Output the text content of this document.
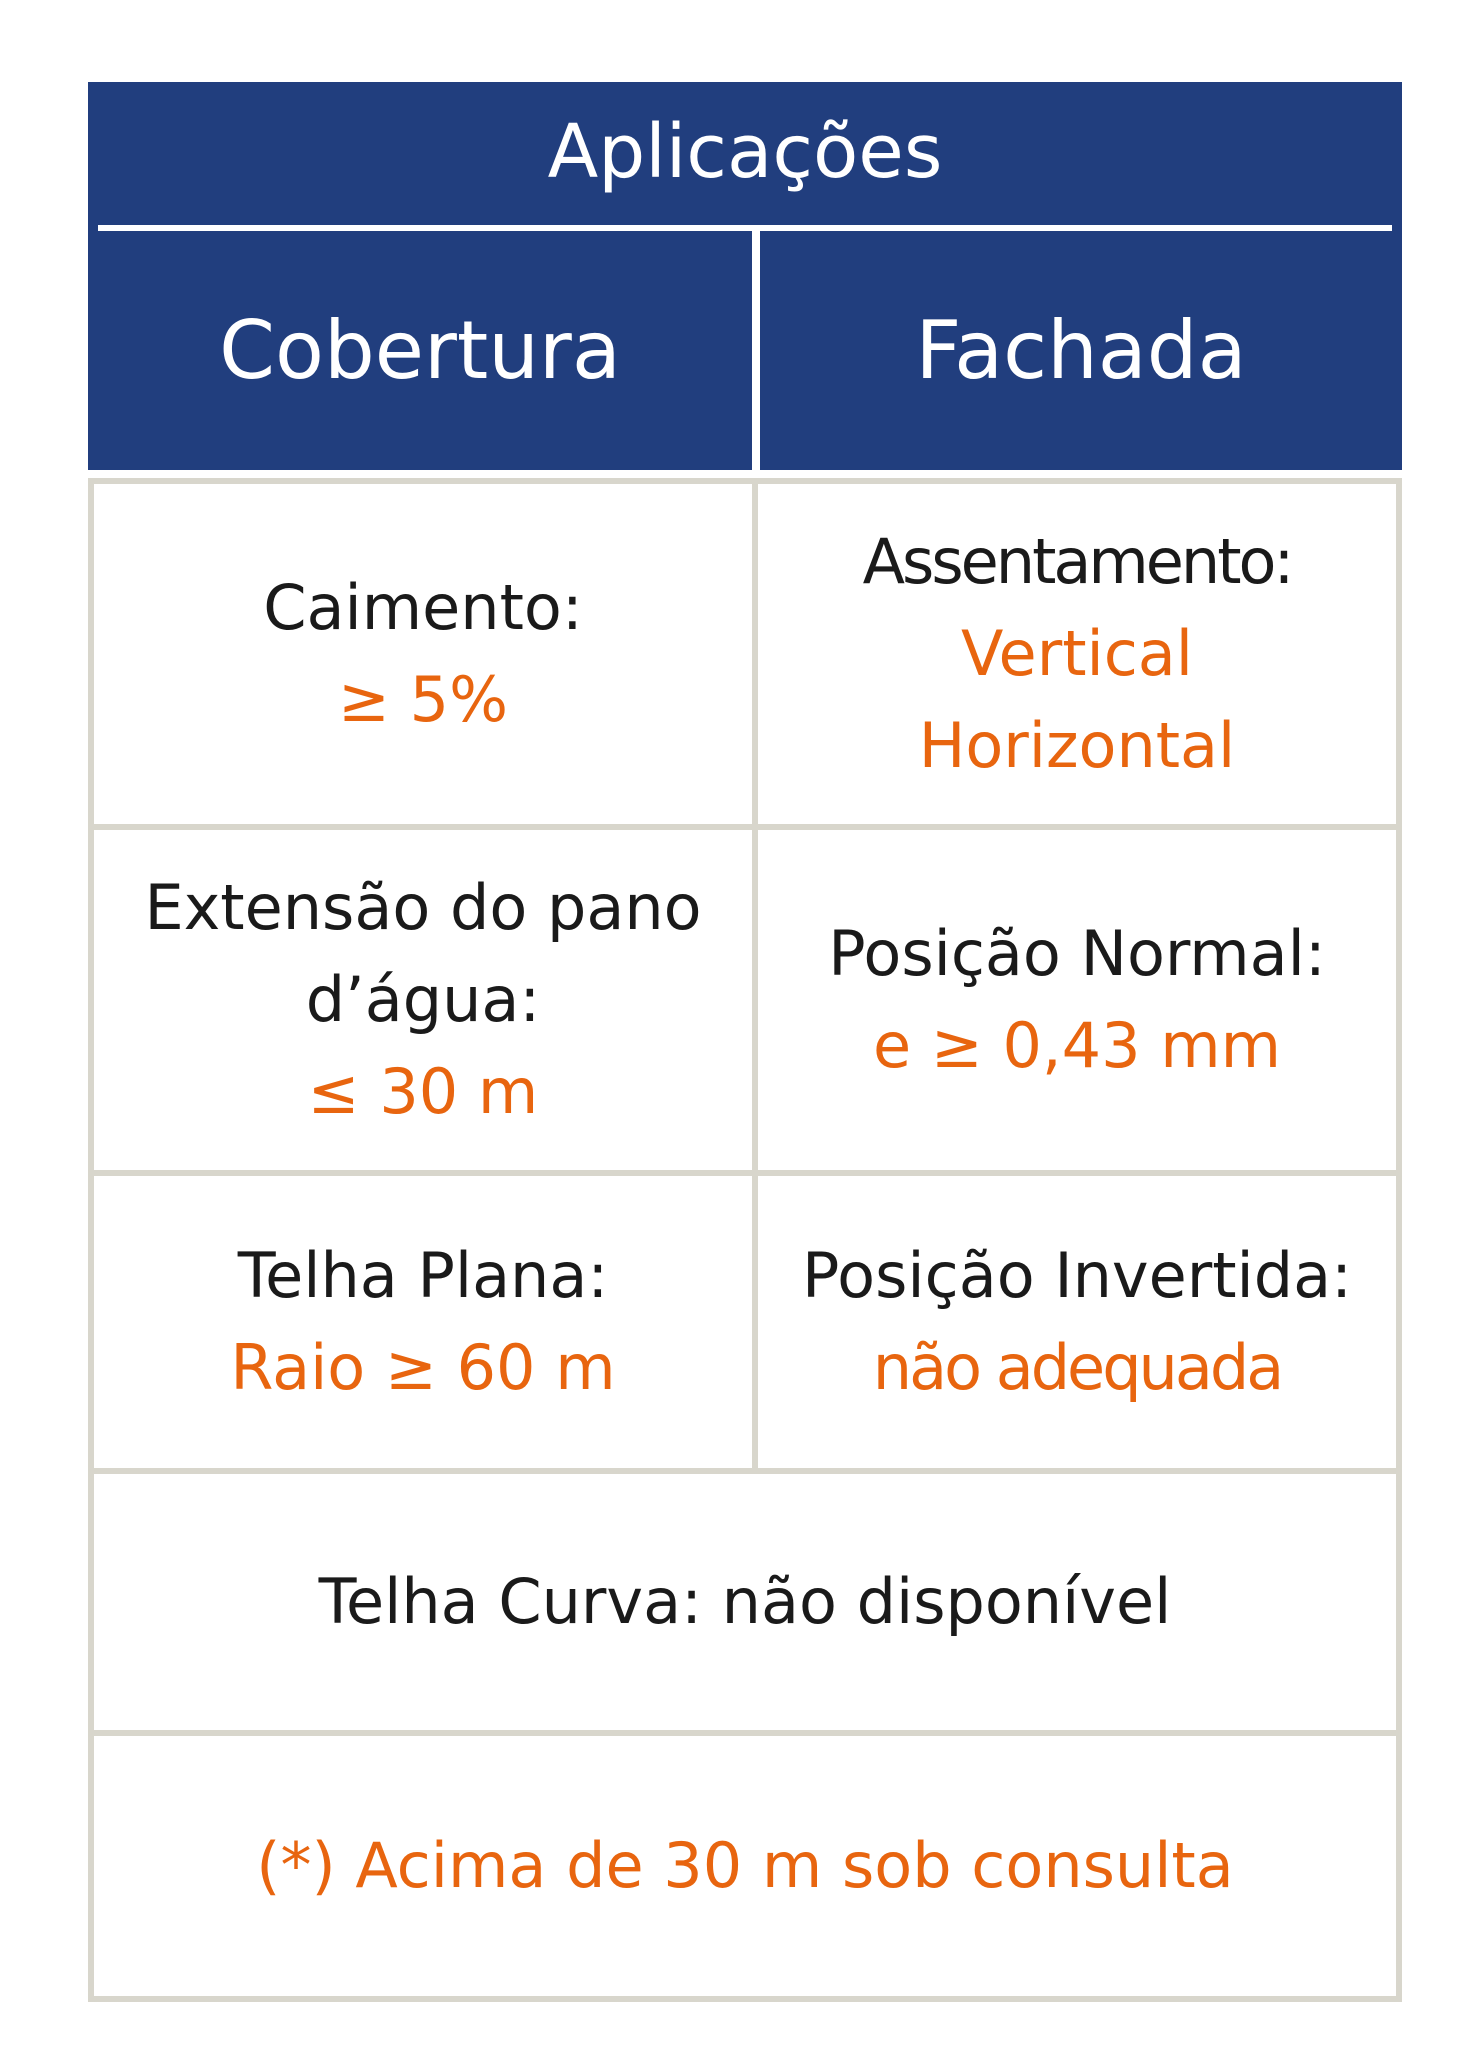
Aplicações
Cobertura	Fachada
Caimento:
≥ 5%
Assentamento:
Vertical
Horizontal
Extensão do pano
d’água:
≤ 30 m
Posição Normal:
e ≥ 0,43 mm
Telha Plana:
Raio ≥ 60 m
Posição Invertida:
não adequada
Telha Curva: não disponível
(*) Acima de 30 m sob consulta
